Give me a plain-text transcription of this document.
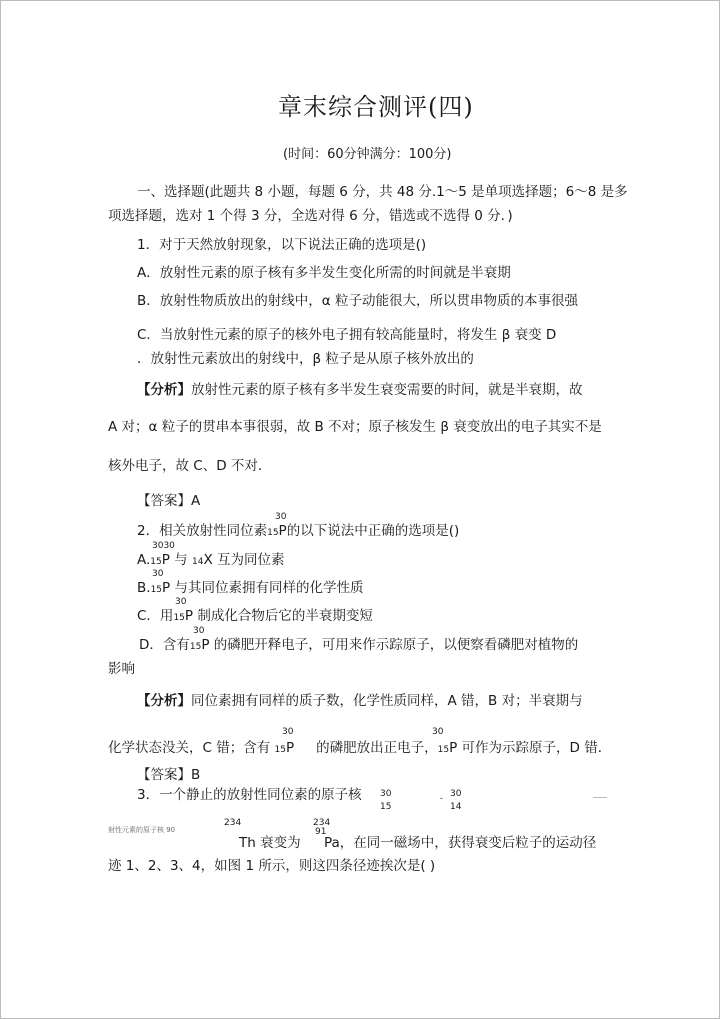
章末综合测评(四)
(时间：60分钟满分：100分)
一、选择题(此题共 8 小题，每题 6 分，共 48 分.1～5 是单项选择题；6～8 是多
项选择题，选对 1 个得 3 分，全选对得 6 分，错选或不选得 0 分．)
1．对于天然放射现象，以下说法正确的选项是()
A．放射性元素的原子核有多半发生变化所需的时间就是半衰期
B．放射性物质放出的射线中，α 粒子动能很大，所以贯串物质的本事很强
C．当放射性元素的原子的核外电子拥有较高能量时，将发生 β 衰变 D
．放射性元素放出的射线中，β 粒子是从原子核外放出的
【分析】放射性元素的原子核有多半发生衰变需要的时间，就是半衰期，故
A 对；α 粒子的贯串本事很弱，故 B 不对；原子核发生 β 衰变放出的电子其实不是
核外电子，故 C、D 不对．
【答案】A
30
2．相关放射性同位素15P的以下说法中正确的选项是()
3030
A.15P 与 14X 互为同位素
30
B.15P 与其同位素拥有同样的化学性质
30
C．用15P 制成化合物后它的半衰期变短
30
D．含有15P 的磷肥开释电子，可用来作示踪原子，以便察看磷肥对植物的
影响
【分析】同位素拥有同样的质子数，化学性质同样，A 错，B 对；半衰期与
30	30
化学状态没关，C 错；含有 15P 的磷肥放出正电子，15P 可作为示踪原子，D 错．
【答案】B
3．一个静止的放射性同位素的原子核 30
15
30
14
234	234
91
射性元素的原子核 90
Th 衰变为 Pa，在同一磁场中，获得衰变后粒子的运动径
迹 1、2、3、4，如图 1 所示，则这四条径迹挨次是( )
